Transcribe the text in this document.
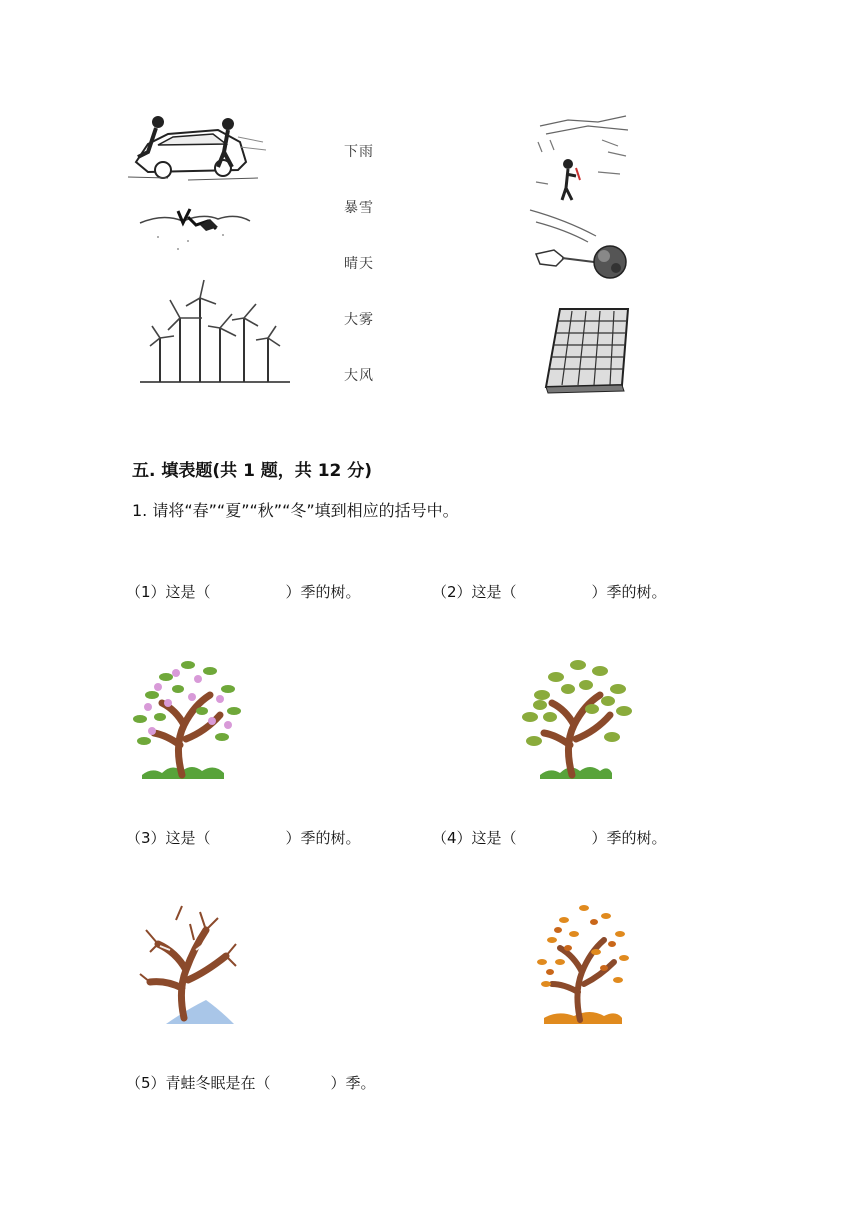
下雨
暴雪
晴天
大雾
大风
五. 填表题(共 1 题，共 12 分)
1. 请将“春”“夏”“秋”“冬”填到相应的括号中。
（1）这是（　　　　　）季的树。	（2）这是（　　　　　）季的树。
（3）这是（　　　　　）季的树。	（4）这是（　　　　　）季的树。
（5）青蛙冬眠是在（　　　　）季。
